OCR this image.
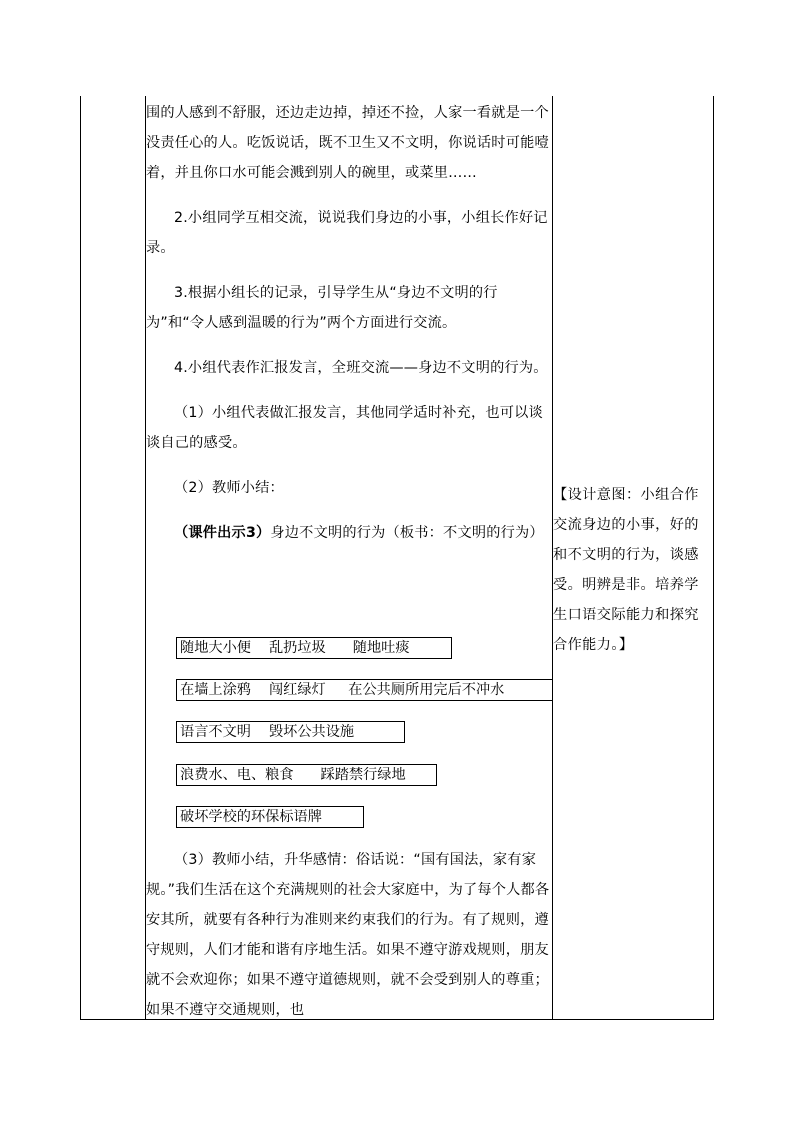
围的人感到不舒服，还边走边掉，掉还不捡，人家一看就是一个没责任心的人。吃饭说话，既不卫生又不文明，你说话时可能噎着，并且你口水可能会溅到别人的碗里，或菜里……

2.小组同学互相交流，说说我们身边的小事，小组长作好记录。

3.根据小组长的记录，引导学生从“身边不文明的行为”和“令人感到温暖的行为”两个方面进行交流。

4.小组代表作汇报发言，全班交流——身边不文明的行为。

（1）小组代表做汇报发言，其他同学适时补充，也可以谈谈自己的感受。

（2）教师小结：

（课件出示3）身边不文明的行为（板书：不文明的行为）

随地大小便    乱扔垃圾      随地吐痰
在墙上涂鸦    闯红绿灯     在公共厕所用完后不冲水
语言不文明    毁坏公共设施
浪费水、电、粮食      踩踏禁行绿地
破坏学校的环保标语牌

（3）教师小结，升华感情：俗话说：“国有国法，家有家规。”我们生活在这个充满规则的社会大家庭中，为了每个人都各安其所，就要有各种行为准则来约束我们的行为。有了规则，遵守规则，人们才能和谐有序地生活。如果不遵守游戏规则，朋友就不会欢迎你；如果不遵守道德规则，就不会受到别人的尊重；如果不遵守交通规则，也

【设计意图：小组合作交流身边的小事，好的和不文明的行为，谈感受。明辨是非。培养学生口语交际能力和探究合作能力。】
